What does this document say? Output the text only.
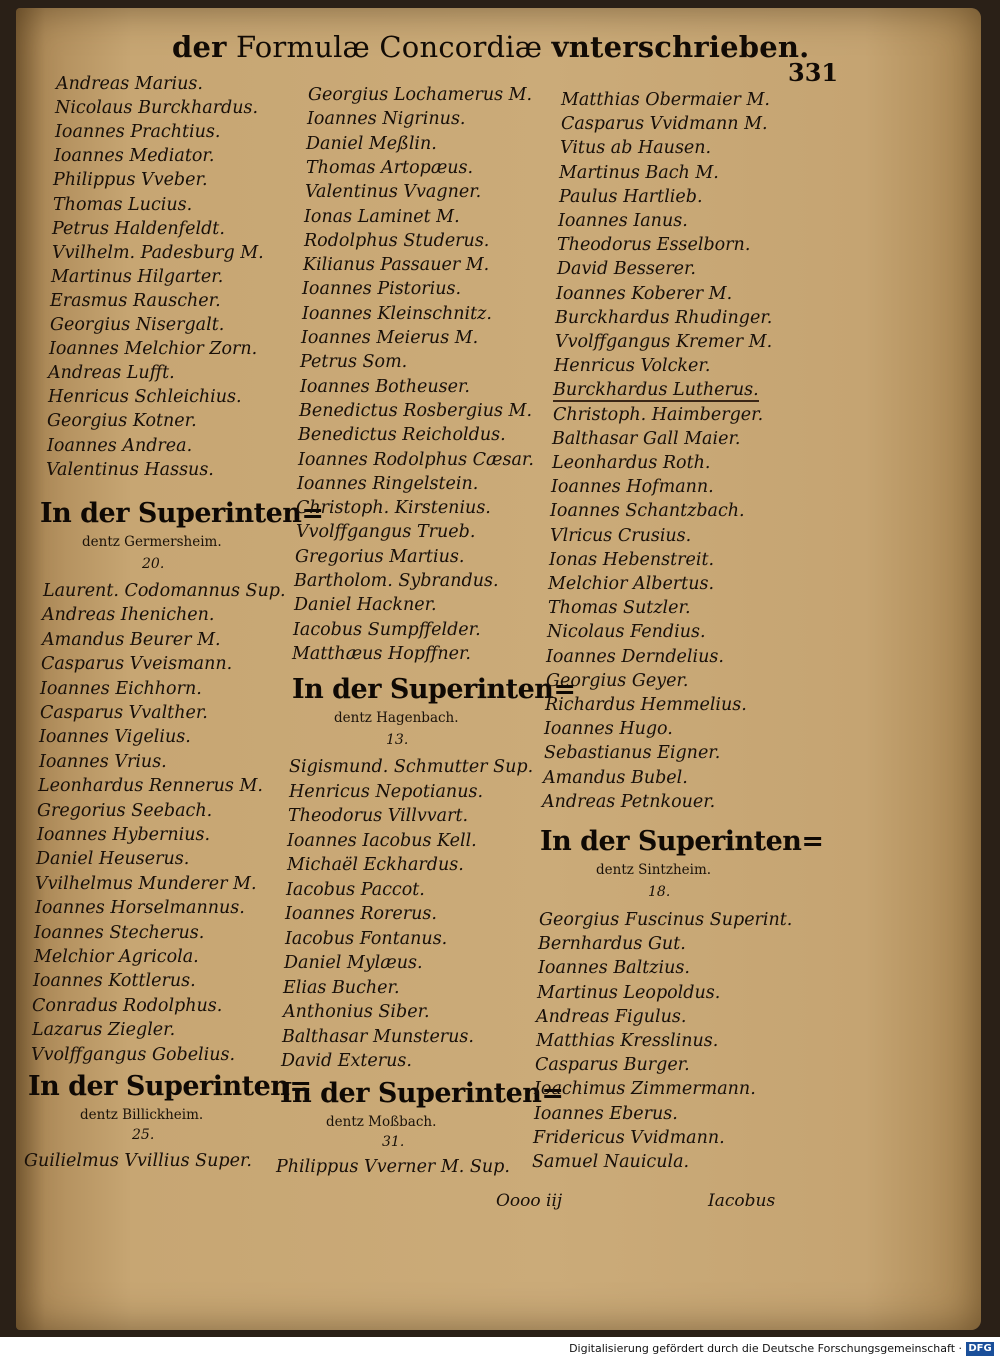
der Formulæ Concordiæ vnterschrieben.
331
Andreas Marius.
Nicolaus Burckhardus.
Ioannes Prachtius.
Ioannes Mediator.
Philippus Vveber.
Thomas Lucius.
Petrus Haldenfeldt.
Vvilhelm. Padesburg M.
Martinus Hilgarter.
Erasmus Rauscher.
Georgius Nisergalt.
Ioannes Melchior Zorn.
Andreas Lufft.
Henricus Schleichius.
Georgius Kotner.
Ioannes Andrea.
Valentinus Hassus.
In der Superinten=
dentz Germersheim.
20.
Laurent. Codomannus Sup.
Andreas Ihenichen.
Amandus Beurer M.
Casparus Vveismann.
Ioannes Eichhorn.
Casparus Vvalther.
Ioannes Vigelius.
Ioannes Vrius.
Leonhardus Rennerus M.
Gregorius Seebach.
Ioannes Hybernius.
Daniel Heuserus.
Vvilhelmus Munderer M.
Ioannes Horselmannus.
Ioannes Stecherus.
Melchior Agricola.
Ioannes Kottlerus.
Conradus Rodolphus.
Lazarus Ziegler.
Vvolffgangus Gobelius.
In der Superinten=
dentz Billickheim.
25.
Guilielmus Vvillius Super.
Georgius Lochamerus M.
Ioannes Nigrinus.
Daniel Meßlin.
Thomas Artopæus.
Valentinus Vvagner.
Ionas Laminet M.
Rodolphus Studerus.
Kilianus Passauer M.
Ioannes Pistorius.
Ioannes Kleinschnitz.
Ioannes Meierus M.
Petrus Som.
Ioannes Botheuser.
Benedictus Rosbergius M.
Benedictus Reicholdus.
Ioannes Rodolphus Cæsar.
Ioannes Ringelstein.
Christoph. Kirstenius.
Vvolffgangus Trueb.
Gregorius Martius.
Bartholom. Sybrandus.
Daniel Hackner.
Iacobus Sumpffelder.
Matthæus Hopffner.
In der Superinten=
dentz Hagenbach.
13.
Sigismund. Schmutter Sup.
Henricus Nepotianus.
Theodorus Villvvart.
Ioannes Iacobus Kell.
Michaël Eckhardus.
Iacobus Paccot.
Ioannes Rorerus.
Iacobus Fontanus.
Daniel Mylæus.
Elias Bucher.
Anthonius Siber.
Balthasar Munsterus.
David Exterus.
In der Superinten=
dentz Moßbach.
31.
Philippus Vverner M. Sup.
Matthias Obermaier M.
Casparus Vvidmann M.
Vitus ab Hausen.
Martinus Bach M.
Paulus Hartlieb.
Ioannes Ianus.
Theodorus Esselborn.
David Besserer.
Ioannes Koberer M.
Burckhardus Rhudinger.
Vvolffgangus Kremer M.
Henricus Volcker.
Burckhardus Lutherus.
Christoph. Haimberger.
Balthasar Gall Maier.
Leonhardus Roth.
Ioannes Hofmann.
Ioannes Schantzbach.
Vlricus Crusius.
Ionas Hebenstreit.
Melchior Albertus.
Thomas Sutzler.
Nicolaus Fendius.
Ioannes Derndelius.
Georgius Geyer.
Richardus Hemmelius.
Ioannes Hugo.
Sebastianus Eigner.
Amandus Bubel.
Andreas Petnkouer.
In der Superinten=
dentz Sintzheim.
18.
Georgius Fuscinus Superint.
Bernhardus Gut.
Ioannes Baltzius.
Martinus Leopoldus.
Andreas Figulus.
Matthias Kresslinus.
Casparus Burger.
Ioachimus Zimmermann.
Ioannes Eberus.
Fridericus Vvidmann.
Samuel Nauicula.
Oooo iij	Iacobus
Digitalisierung gefördert durch die Deutsche Forschungsgemeinschaft · DFG
